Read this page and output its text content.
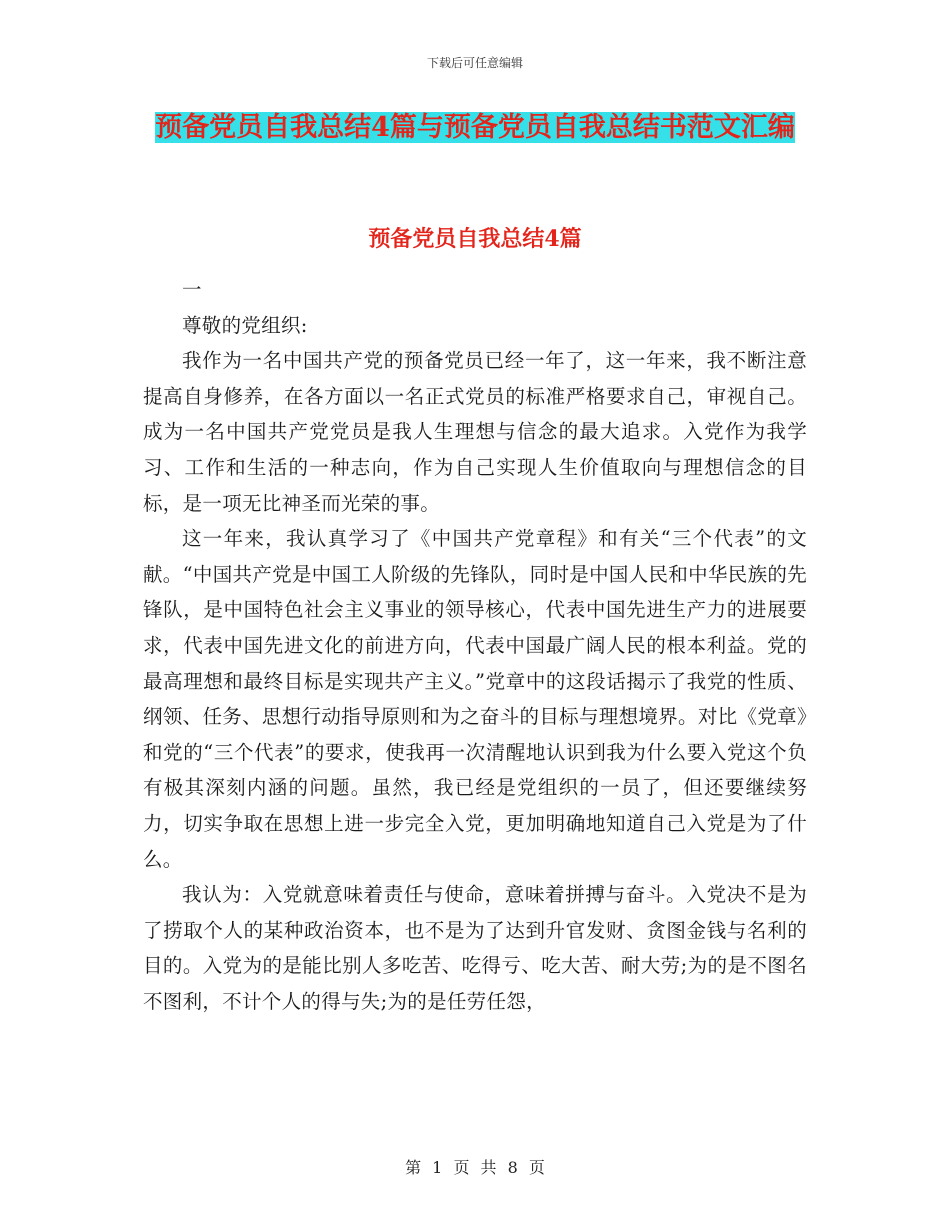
下载后可任意编辑
预备党员自我总结4篇与预备党员自我总结书范文汇编
预备党员自我总结4篇

一

尊敬的党组织:

我作为一名中国共产党的预备党员已经一年了，这一年来，我不断注意提高自身修养，在各方面以一名正式党员的标准严格要求自己，审视自己。 成为一名中国共产党党员是我人生理想与信念的最大追求。入党作为我学习、工作和生活的一种志向，作为自己实现人生价值取向与理想信念的目标，是一项无比神圣而光荣的事。

这一年来，我认真学习了《中国共产党章程》和有关“三个代表”的文献。“中国共产党是中国工人阶级的先锋队，同时是中国人民和中华民族的先锋队，是中国特色社会主义事业的领导核心，代表中国先进生产力的进展要求，代表中国先进文化的前进方向，代表中国最广阔人民的根本利益。党的最高理想和最终目标是实现共产主义。”党章中的这段话揭示了我党的性质、纲领、任务、思想行动指导原则和为之奋斗的目标与理想境界。对比《党章》和党的“三个代表”的要求，使我再一次清醒地认识到我为什么要入党这个负有极其深刻内涵的问题。虽然，我已经是党组织的一员了，但还要继续努力，切实争取在思想上进一步完全入党，更加明确地知道自己入党是为了什么。

我认为：入党就意味着责任与使命，意味着拼搏与奋斗。入党决不是为了捞取个人的某种政治资本，也不是为了达到升官发财、贪图金钱与名利的目的。入党为的是能比别人多吃苦、吃得亏、吃大苦、耐大劳;为的是不图名不图利，不计个人的得与失;为的是任劳任怨，

第 1 页 共 8 页
